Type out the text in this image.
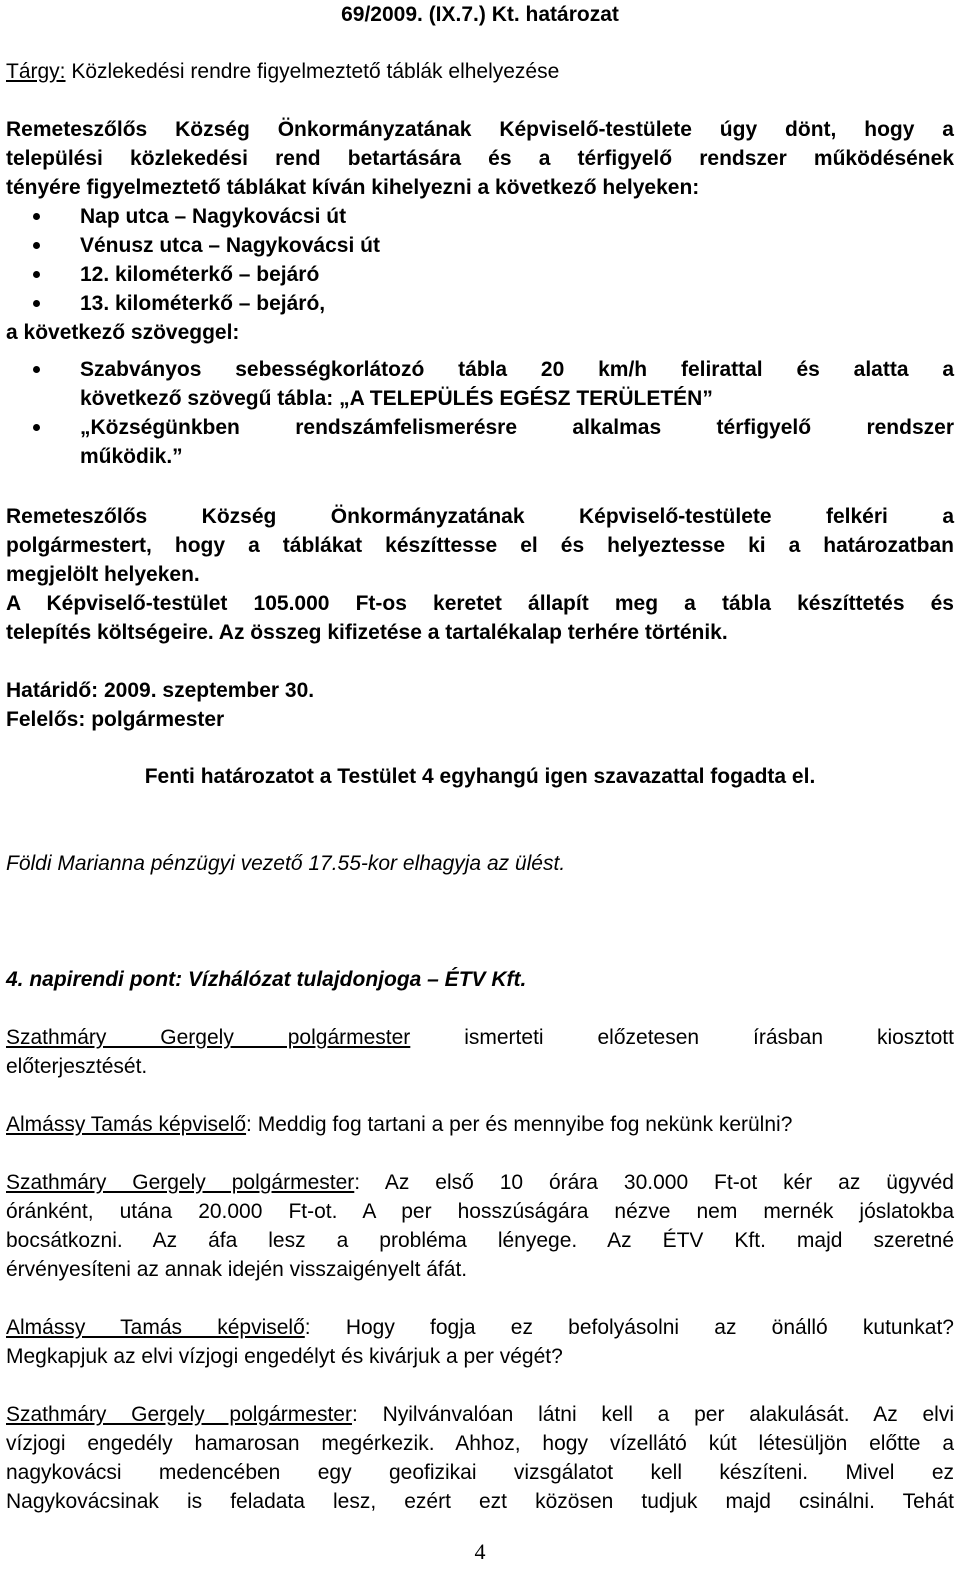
69/2009. (IX.7.) Kt. határozat
Tárgy: Közlekedési rendre figyelmeztető táblák elhelyezése
Remeteszőlős Község Önkormányzatának Képviselő-testülete úgy dönt, hogy a
települési közlekedési rend betartására és a térfigyelő rendszer működésének
tényére figyelmeztető táblákat kíván kihelyezni a következő helyeken:
Nap utca – Nagykovácsi út
Vénusz utca – Nagykovácsi út
12. kilométerkő – bejáró
13. kilométerkő – bejáró,
a következő szöveggel:
Szabványos sebességkorlátozó tábla 20 km/h felirattal és alatta a
következő szövegű tábla: „A TELEPÜLÉS EGÉSZ TERÜLETÉN”
„Községünkben rendszámfelismerésre alkalmas térfigyelő rendszer
működik.”
Remeteszőlős Község Önkormányzatának Képviselő-testülete felkéri a
polgármestert, hogy a táblákat készíttesse el és helyeztesse ki a határozatban
megjelölt helyeken.
A Képviselő-testület 105.000 Ft-os keretet állapít meg a tábla készíttetés és
telepítés költségeire. Az összeg kifizetése a tartalékalap terhére történik.
Határidő: 2009. szeptember 30.
Felelős: polgármester
Fenti határozatot a Testület 4 egyhangú igen szavazattal fogadta el.
Földi Marianna pénzügyi vezető 17.55-kor elhagyja az ülést.
4. napirendi pont: Vízhálózat tulajdonjoga – ÉTV Kft.
Szathmáry Gergely polgármester ismerteti előzetesen írásban kiosztott
előterjesztését.
Almássy Tamás képviselő: Meddig fog tartani a per és mennyibe fog nekünk kerülni?
Szathmáry Gergely polgármester: Az első 10 órára 30.000 Ft-ot kér az ügyvéd
óránként, utána 20.000 Ft-ot. A per hosszúságára nézve nem mernék jóslatokba
bocsátkozni. Az áfa lesz a probléma lényege. Az ÉTV Kft. majd szeretné
érvényesíteni az annak idején visszaigényelt áfát.
Almássy Tamás képviselő: Hogy fogja ez befolyásolni az önálló kutunkat?
Megkapjuk az elvi vízjogi engedélyt és kivárjuk a per végét?
Szathmáry Gergely polgármester: Nyilvánvalóan látni kell a per alakulását. Az elvi
vízjogi engedély hamarosan megérkezik. Ahhoz, hogy vízellátó kút létesüljön előtte a
nagykovácsi medencében egy geofizikai vizsgálatot kell készíteni. Mivel ez
Nagykovácsinak is feladata lesz, ezért ezt közösen tudjuk majd csinálni. Tehát
4
